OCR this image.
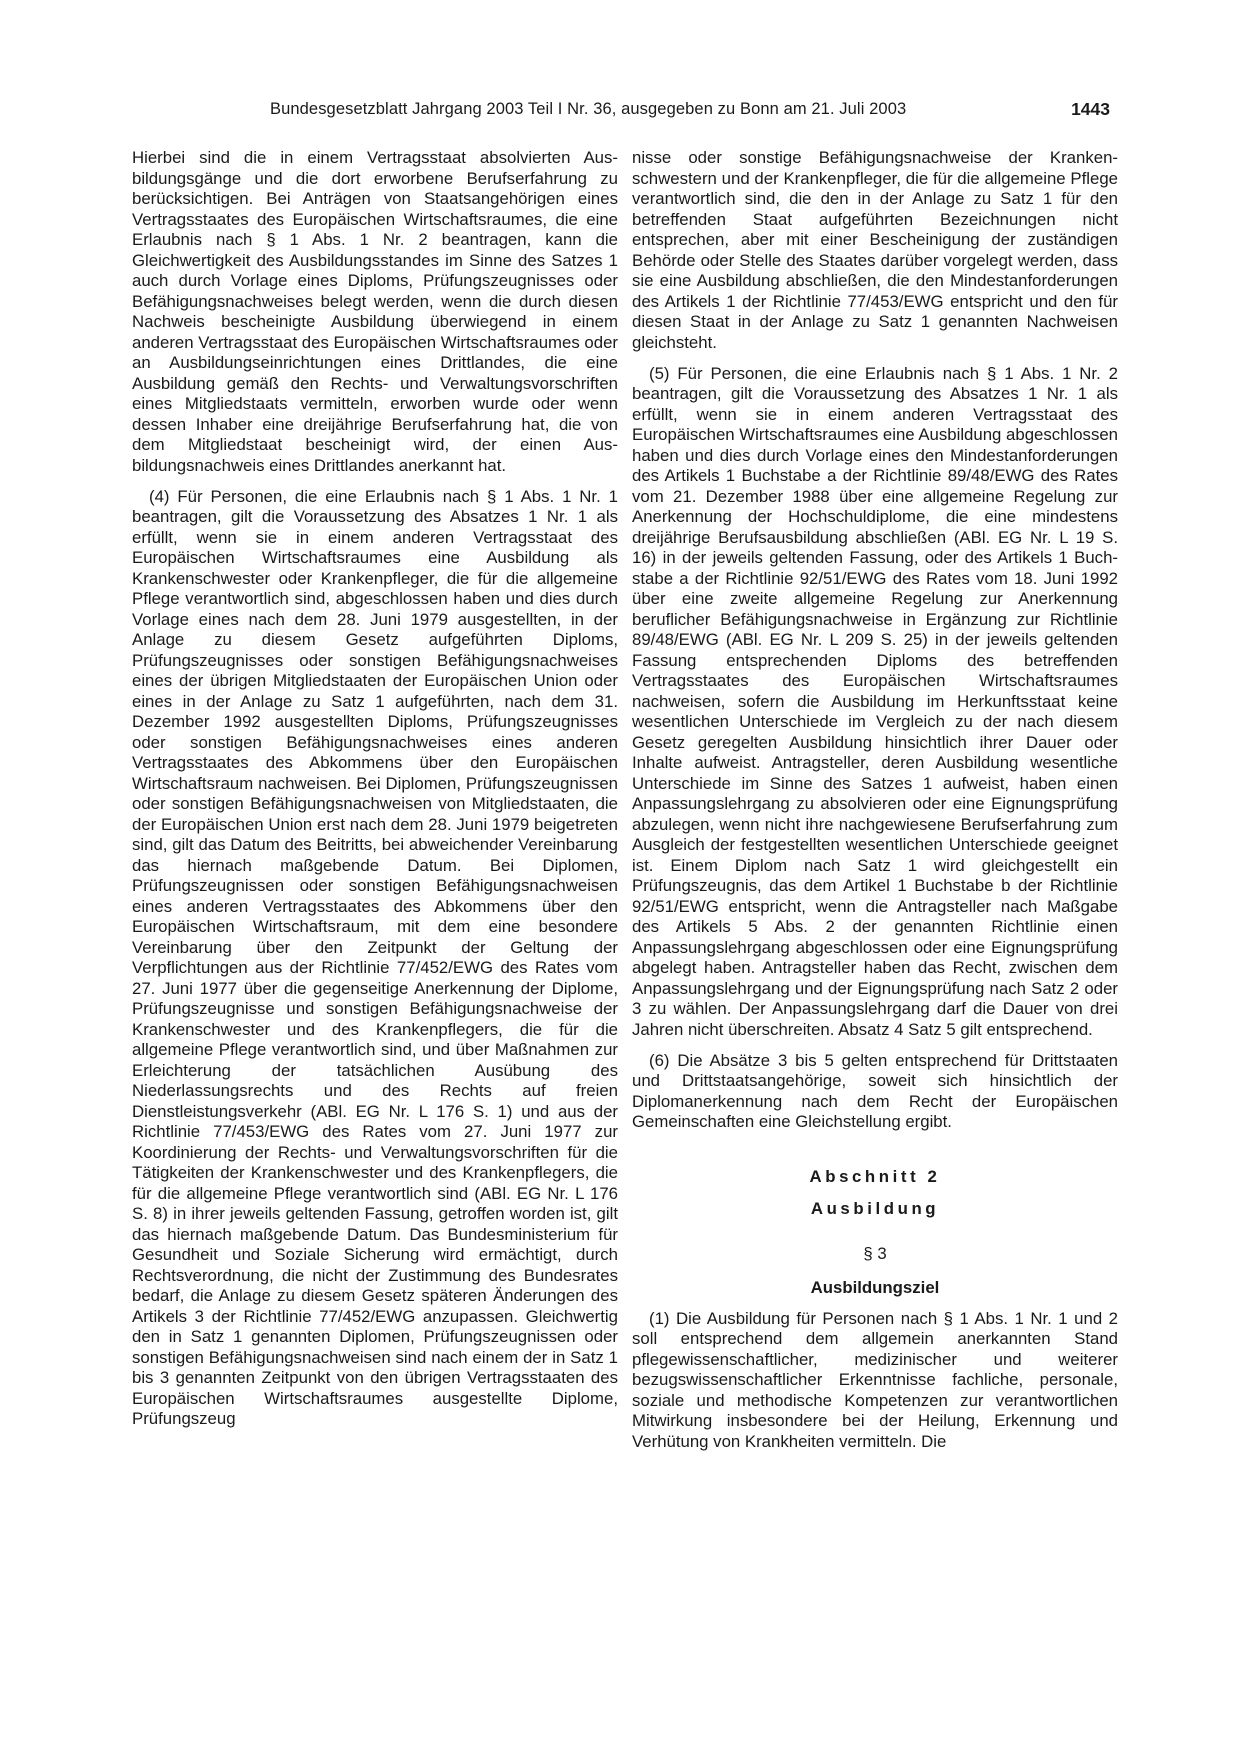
Bundesgesetzblatt Jahrgang 2003 Teil I Nr. 36, ausgegeben zu Bonn am 21. Juli 2003	1443

Hierbei sind die in einem Vertragsstaat absolvierten Ausbildungsgänge und die dort erworbene Berufserfahrung zu berücksichtigen. Bei Anträgen von Staatsangehörigen eines Vertragsstaates des Europäischen Wirtschaftsraumes, die eine Erlaubnis nach § 1 Abs. 1 Nr. 2 beantragen, kann die Gleichwertigkeit des Ausbildungsstandes im Sinne des Satzes 1 auch durch Vorlage eines Diploms, Prüfungszeugnisses oder Befähigungsnachweises belegt werden, wenn die durch diesen Nachweis bescheinigte Ausbildung überwiegend in einem anderen Vertragsstaat des Europäischen Wirtschaftsraumes oder an Ausbildungseinrichtungen eines Drittlandes, die eine Ausbildung gemäß den Rechts- und Verwaltungsvorschriften eines Mitgliedstaats vermitteln, erworben wurde oder wenn dessen Inhaber eine dreijährige Berufserfahrung hat, die von dem Mitgliedstaat bescheinigt wird, der einen Ausbildungsnachweis eines Drittlandes anerkannt hat.

(4) Für Personen, die eine Erlaubnis nach § 1 Abs. 1 Nr. 1 beantragen, gilt die Voraussetzung des Absatzes 1 Nr. 1 als erfüllt, wenn sie in einem anderen Vertragsstaat des Europäischen Wirtschaftsraumes eine Ausbildung als Krankenschwester oder Krankenpfleger, die für die allgemeine Pflege verantwortlich sind, abgeschlossen haben und dies durch Vorlage eines nach dem 28. Juni 1979 ausgestellten, in der Anlage zu diesem Gesetz aufgeführten Diploms, Prüfungszeugnisses oder sonstigen Befähigungsnachweises eines der übrigen Mitgliedstaaten der Europäischen Union oder eines in der Anlage zu Satz 1 aufgeführten, nach dem 31. Dezember 1992 ausgestellten Diploms, Prüfungszeugnisses oder sonstigen Befähigungsnachweises eines anderen Vertragsstaates des Abkommens über den Europäischen Wirtschaftsraum nachweisen. Bei Diplomen, Prüfungszeugnissen oder sonstigen Befähigungsnachweisen von Mitgliedstaaten, die der Europäischen Union erst nach dem 28. Juni 1979 beigetreten sind, gilt das Datum des Beitritts, bei abweichender Vereinbarung das hiernach maßgebende Datum. Bei Diplomen, Prüfungszeugnissen oder sonstigen Befähigungsnachweisen eines anderen Vertragsstaates des Abkommens über den Europäischen Wirtschaftsraum, mit dem eine besondere Vereinbarung über den Zeitpunkt der Geltung der Verpflichtungen aus der Richtlinie 77/452/EWG des Rates vom 27. Juni 1977 über die gegenseitige Anerkennung der Diplome, Prüfungszeugnisse und sonstigen Befähigungsnachweise der Krankenschwester und des Krankenpflegers, die für die allgemeine Pflege verantwortlich sind, und über Maßnahmen zur Erleichterung der tatsächlichen Ausübung des Niederlassungsrechts und des Rechts auf freien Dienstleistungsverkehr (ABl. EG Nr. L 176 S. 1) und aus der Richtlinie 77/453/EWG des Rates vom 27. Juni 1977 zur Koordinierung der Rechts- und Verwaltungsvorschriften für die Tätigkeiten der Krankenschwester und des Krankenpflegers, die für die allgemeine Pflege verantwortlich sind (ABl. EG Nr. L 176 S. 8) in ihrer jeweils geltenden Fassung, getroffen worden ist, gilt das hiernach maßgebende Datum. Das Bundesministerium für Gesundheit und Soziale Sicherung wird ermächtigt, durch Rechtsverordnung, die nicht der Zustimmung des Bundesrates bedarf, die Anlage zu diesem Gesetz späteren Änderungen des Artikels 3 der Richtlinie 77/452/EWG anzupassen. Gleichwertig den in Satz 1 genannten Diplomen, Prüfungszeugnissen oder sonstigen Befähigungsnachweisen sind nach einem der in Satz 1 bis 3 genannten Zeitpunkt von den übrigen Vertragsstaaten des Europäischen Wirtschaftsraumes ausgestellte Diplome, Prüfungszeug

nisse oder sonstige Befähigungsnachweise der Krankenschwestern und der Krankenpfleger, die für die allgemeine Pflege verantwortlich sind, die den in der Anlage zu Satz 1 für den betreffenden Staat aufgeführten Bezeichnungen nicht entsprechen, aber mit einer Bescheinigung der zuständigen Behörde oder Stelle des Staates darüber vorgelegt werden, dass sie eine Ausbildung abschließen, die den Mindestanforderungen des Artikels 1 der Richtlinie 77/453/EWG entspricht und den für diesen Staat in der Anlage zu Satz 1 genannten Nachweisen gleichsteht.

(5) Für Personen, die eine Erlaubnis nach § 1 Abs. 1 Nr. 2 beantragen, gilt die Voraussetzung des Absatzes 1 Nr. 1 als erfüllt, wenn sie in einem anderen Vertragsstaat des Europäischen Wirtschaftsraumes eine Ausbildung abgeschlossen haben und dies durch Vorlage eines den Mindestanforderungen des Artikels 1 Buchstabe a der Richtlinie 89/48/EWG des Rates vom 21. Dezember 1988 über eine allgemeine Regelung zur Anerkennung der Hochschuldiplome, die eine mindestens dreijährige Berufsausbildung abschließen (ABl. EG Nr. L 19 S. 16) in der jeweils geltenden Fassung, oder des Artikels 1 Buchstabe a der Richtlinie 92/51/EWG des Rates vom 18. Juni 1992 über eine zweite allgemeine Regelung zur Anerkennung beruflicher Befähigungsnachweise in Ergänzung zur Richtlinie 89/48/EWG (ABl. EG Nr. L 209 S. 25) in der jeweils geltenden Fassung entsprechenden Diploms des betreffenden Vertragsstaates des Europäischen Wirtschaftsraumes nachweisen, sofern die Ausbildung im Herkunftsstaat keine wesentlichen Unterschiede im Vergleich zu der nach diesem Gesetz geregelten Ausbildung hinsichtlich ihrer Dauer oder Inhalte aufweist. Antragsteller, deren Ausbildung wesentliche Unterschiede im Sinne des Satzes 1 aufweist, haben einen Anpassungslehrgang zu absolvieren oder eine Eignungsprüfung abzulegen, wenn nicht ihre nachgewiesene Berufserfahrung zum Ausgleich der festgestellten wesentlichen Unterschiede geeignet ist. Einem Diplom nach Satz 1 wird gleichgestellt ein Prüfungszeugnis, das dem Artikel 1 Buchstabe b der Richtlinie 92/51/EWG entspricht, wenn die Antragsteller nach Maßgabe des Artikels 5 Abs. 2 der genannten Richtlinie einen Anpassungslehrgang abgeschlossen oder eine Eignungsprüfung abgelegt haben. Antragsteller haben das Recht, zwischen dem Anpassungslehrgang und der Eignungsprüfung nach Satz 2 oder 3 zu wählen. Der Anpassungslehrgang darf die Dauer von drei Jahren nicht überschreiten. Absatz 4 Satz 5 gilt entsprechend.

(6) Die Absätze 3 bis 5 gelten entsprechend für Drittstaaten und Drittstaatsangehörige, soweit sich hinsichtlich der Diplomanerkennung nach dem Recht der Europäischen Gemeinschaften eine Gleichstellung ergibt.

Abschnitt 2
Ausbildung
§ 3
Ausbildungsziel

(1) Die Ausbildung für Personen nach § 1 Abs. 1 Nr. 1 und 2 soll entsprechend dem allgemein anerkannten Stand pflegewissenschaftlicher, medizinischer und weiterer bezugswissenschaftlicher Erkenntnisse fachliche, personale, soziale und methodische Kompetenzen zur verantwortlichen Mitwirkung insbesondere bei der Heilung, Erkennung und Verhütung von Krankheiten vermitteln. Die
